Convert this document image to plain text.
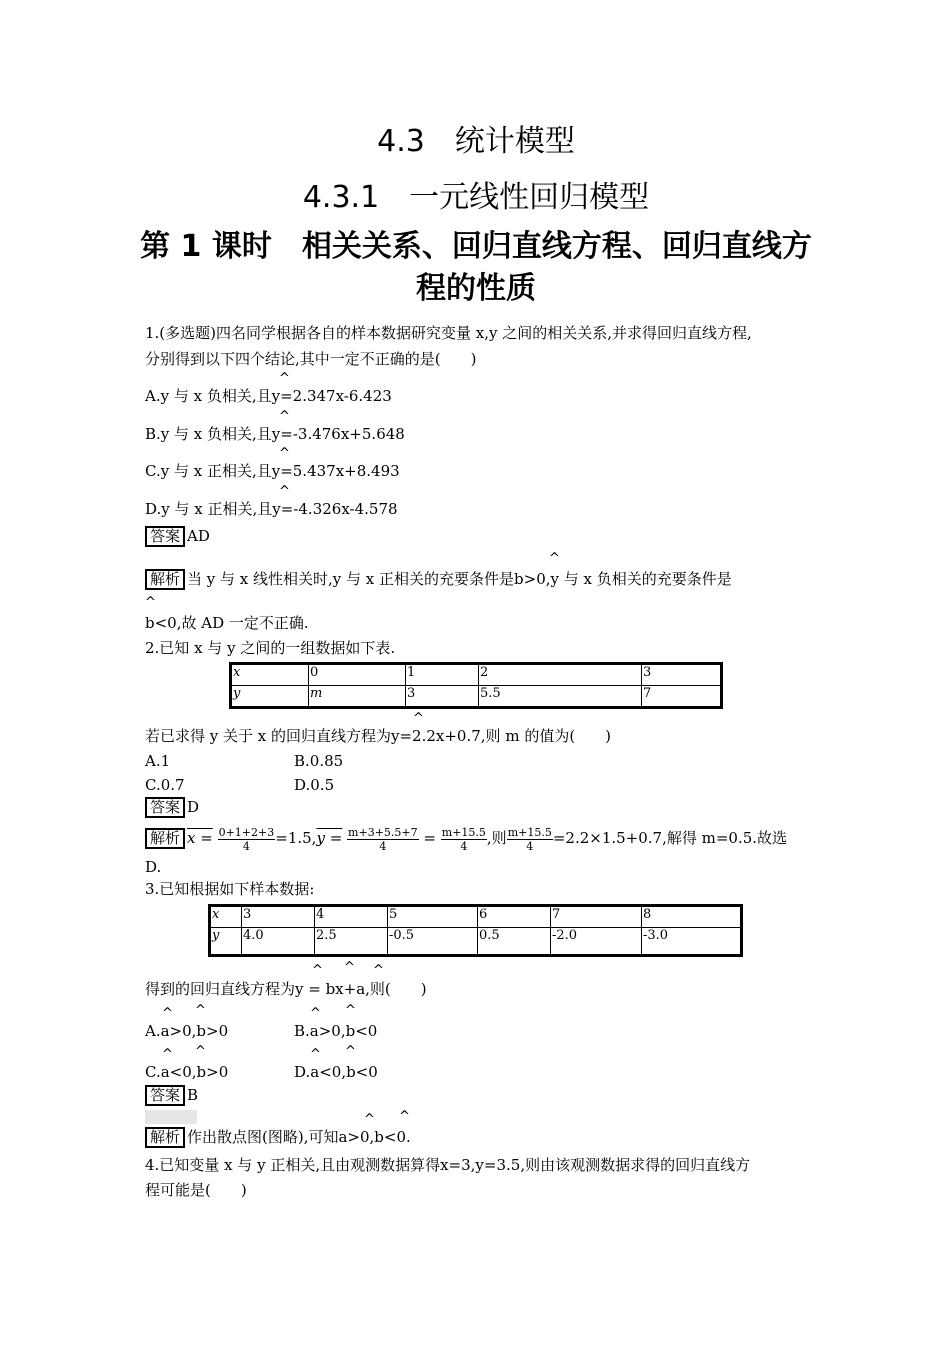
4.3　统计模型
4.3.1　一元线性回归模型
第 1 课时　相关关系、回归直线方程、回归直线方程的性质
1.(多选题)四名同学根据各自的样本数据研究变量 x,y 之间的相关关系,并求得回归直线方程,
分别得到以下四个结论,其中一定不正确的是(　　)
^
A.y 与 x 负相关,且y=2.347x-6.423
^
B.y 与 x 负相关,且y=-3.476x+5.648
^
C.y 与 x 正相关,且y=5.437x+8.493
^
D.y 与 x 正相关,且y=-4.326x-4.578
答案 AD
^
解析 当 y 与 x 线性相关时,y 与 x 正相关的充要条件是b>0,y 与 x 负相关的充要条件是
^
b<0,故 AD 一定不正确.
2.已知 x 与 y 之间的一组数据如下表.
x	0	1	2	3
y	m	3	5.5	7
^
若已求得 y 关于 x 的回归直线方程为y=2.2x+0.7,则 m 的值为(　　)
A.1	B.0.85
C.0.7	D.0.5
答案 D
解析 $x = \frac{0+1+2+3}{4} =1.5,y = \frac{m+3+5.5+7}{4} = \frac{m+15.5}{4}$ ,则 $\frac{m+15.5}{4} =2.2\times 1.5+0.7$,解得 m=0.5.故选
D.
3.已知根据如下样本数据:
x	3	4	5	6	7	8
y	4.0	2.5	-0.5	0.5	-2.0	-3.0
^ ^ ^
得到的回归直线方程为y = bx+a,则(　　)
^ ^	^ ^
A.a>0,b>0	B.a>0,b<0
^ ^	^ ^
C.a<0,b>0	D.a<0,b<0
答案 B
^ ^
解析 作出散点图(图略),可知a>0,b<0.
4.已知变量 x 与 y 正相关,且由观测数据算得x=3,y=3.5,则由该观测数据求得的回归直线方
程可能是(　　)
